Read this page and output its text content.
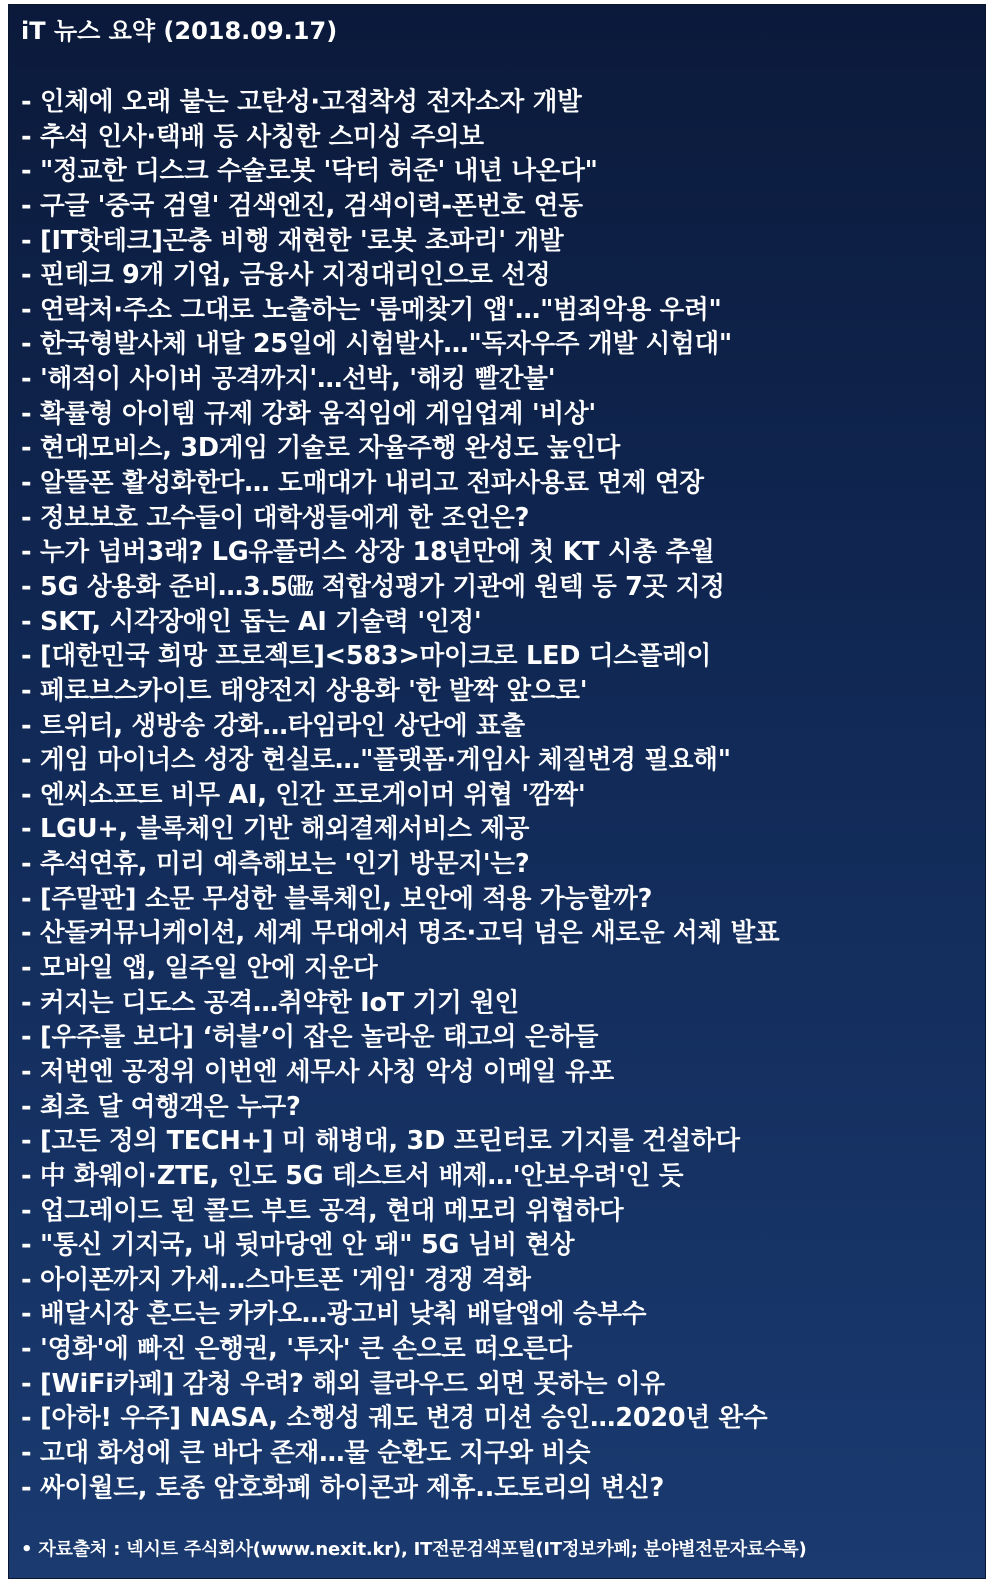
iT 뉴스 요약 (2018.09.17)
- 인체에 오래 붙는 고탄성·고접착성 전자소자 개발
- 추석 인사·택배 등 사칭한 스미싱 주의보
- "정교한 디스크 수술로봇 '닥터 허준' 내년 나온다"
- 구글 '중국 검열' 검색엔진, 검색이력-폰번호 연동
- [IT핫테크]곤충 비행 재현한 '로봇 초파리' 개발
- 핀테크 9개 기업, 금융사 지정대리인으로 선정
- 연락처·주소 그대로 노출하는 '룸메찾기 앱'…"범죄악용 우려"
- 한국형발사체 내달 25일에 시험발사…"독자우주 개발 시험대"
- '해적이 사이버 공격까지'…선박, '해킹 빨간불'
- 확률형 아이템 규제 강화 움직임에 게임업계 '비상'
- 현대모비스, 3D게임 기술로 자율주행 완성도 높인다
- 알뜰폰 활성화한다… 도매대가 내리고 전파사용료 면제 연장
- 정보보호 고수들이 대학생들에게 한 조언은?
- 누가 넘버3래? LG유플러스 상장 18년만에 첫 KT 시총 추월
- 5G 상용화 준비…3.5㎓ 적합성평가 기관에 원텍 등 7곳 지정
- SKT, 시각장애인 돕는 AI 기술력 '인정'
- [대한민국 희망 프로젝트]<583>마이크로 LED 디스플레이
- 페로브스카이트 태양전지 상용화 '한 발짝 앞으로'
- 트위터, 생방송 강화…타임라인 상단에 표출
- 게임 마이너스 성장 현실로…"플랫폼·게임사 체질변경 필요해"
- 엔씨소프트 비무 AI, 인간 프로게이머 위협 '깜짝'
- LGU+, 블록체인 기반 해외결제서비스 제공
- 추석연휴, 미리 예측해보는 '인기 방문지'는?
- [주말판] 소문 무성한 블록체인, 보안에 적용 가능할까?
- 산돌커뮤니케이션, 세계 무대에서 명조·고딕 넘은 새로운 서체 발표
- 모바일 앱, 일주일 안에 지운다
- 커지는 디도스 공격…취약한 IoT 기기 원인
- [우주를 보다] ‘허블’이 잡은 놀라운 태고의 은하들
- 저번엔 공정위 이번엔 세무사 사칭 악성 이메일 유포
- 최초 달 여행객은 누구?
- [고든 정의 TECH+] 미 해병대, 3D 프린터로 기지를 건설하다
- 中 화웨이·ZTE, 인도 5G 테스트서 배제…'안보우려'인 듯
- 업그레이드 된 콜드 부트 공격, 현대 메모리 위협하다
- "통신 기지국, 내 뒷마당엔 안 돼" 5G 님비 현상
- 아이폰까지 가세…스마트폰 '게임' 경쟁 격화
- 배달시장 흔드는 카카오…광고비 낮춰 배달앱에 승부수
- '영화'에 빠진 은행권, '투자' 큰 손으로 떠오른다
- [WiFi카페] 감청 우려? 해외 클라우드 외면 못하는 이유
- [아하! 우주] NASA, 소행성 궤도 변경 미션 승인…2020년 완수
- 고대 화성에 큰 바다 존재…물 순환도 지구와 비슷
- 싸이월드, 토종 암호화폐 하이콘과 제휴..도토리의 변신?

• 자료출처 : 넥시트 주식회사(www.nexit.kr), IT전문검색포털(IT정보카페; 분야별전문자료수록)
